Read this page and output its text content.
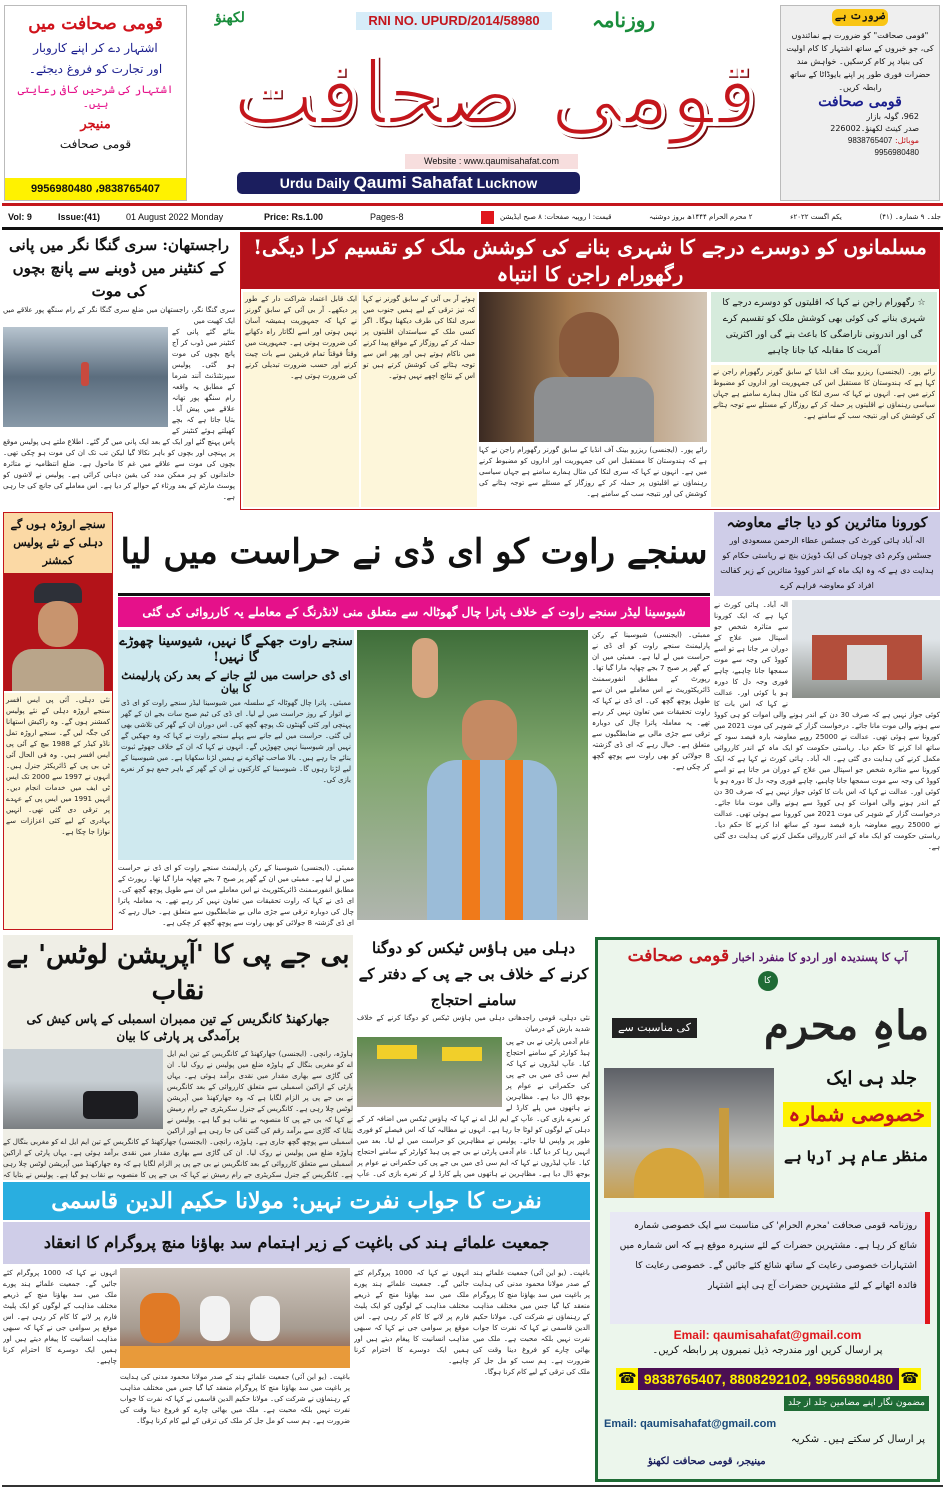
قومی صحافت میں
اشتہار دے کر اپنے کاروبار
اور تجارت کو فروغ دیجئے۔
اشتہار کی شرحیں کافی رعایتی ہیں۔
منیجر
قومی صحافت
9956980480 ،9838765407
RNI NO. UPURD/2014/58980
لکھنؤ	روزنامہ
قومی صحافت
Website : www.qaumisahafat.com
Urdu Daily Qaumi Sahafat Lucknow
ضرورت ہے
"قومی صحافت" کو ضرورت ہے نمائندوں کی، جو خبروں کے ساتھ اشتہار کا کام اولیت کی بنیاد پر کام کرسکیں۔ خواہش مند حضرات فوری طور پر اپنے بایوڈاٹا کے ساتھ رابطہ کریں۔
قومی صحافت
962، گولہ بازار
صدر کینٹ لکھنؤ۔226002
موبائل: 9838765407
9956980480
Vol: 9	Issue:(41)	01 August 2022 Monday	Price: Rs.1.00	Pages-8	جلد۔ ۹ شمارہ۔ (۴۱)
یکم اگست ۲۰۲۲ء
۲ محرم الحرام ۱۴۴۴ھ بروز دوشنبہ
قیمت: ا روپیہ صفحات: ۸ صبح ایڈیشن
راجستھان: سری گنگا نگر میں پانی کے کنٹینر میں ڈوبنے سے پانچ بچوں کی موت
سری گنگا نگر، راجستھان میں ضلع سری گنگا نگر کے رام سنگھ پور علاقے میں ایک کھیت میں
بنائے گئے پانی کے کنٹینر میں ڈوب کر آج پانچ بچوں کی موت ہو گئی۔ پولیس سپرنٹنڈنٹ آنند شرما کے مطابق یہ واقعہ رام سنگھ پور تھانہ علاقے میں پیش آیا۔ بتایا جاتا ہے کہ بچے کھیلتے ہوئے کنٹینر کے پاس پہنچ گئے اور ایک کے بعد ایک پانی میں گر گئے۔ اطلاع ملتے ہی پولیس موقع پر پہنچی اور بچوں کو باہر نکالا گیا لیکن تب تک ان کی موت ہو چکی تھی۔ بچوں کی موت سے علاقے میں غم کا ماحول ہے۔ ضلع انتظامیہ نے متاثرہ خاندانوں کو ہر ممکن مدد کی یقین دہانی کرائی ہے۔ پولیس نے لاشوں کو پوسٹ مارٹم کے بعد ورثاء کے حوالے کر دیا ہے۔ اس معاملے کی جانچ کی جا رہی ہے۔
مسلمانوں کو دوسرے درجے کا شہری بنانے کی کوشش ملک کو تقسیم کرا دیگی! رگھورام راجن کا انتباہ
ایک قابل اعتماد شراکت دار کے طور پر دیکھے۔ آر بی آئی کے سابق گورنر نے کہا کہ جمہوریت ہمیشہ آسان نہیں ہوتی اور اسے لگاتار راہ دکھانے کی ضرورت ہوتی ہے۔ جمہوریت میں وقتاً فوقتاً تمام فریقین سے بات چیت کرنے اور حسب ضرورت تبدیلی کرنے کی ضرورت ہوتی ہے۔
ہوئے آر بی آئی کے سابق گورنر نے کہا کہ تیز ترقی کے لیے ہمیں جنوب میں سری لنکا کی طرف دیکھنا ہوگا۔ اگر کسی ملک کے سیاستدان اقلیتوں پر حملہ کر کے روزگار کے مواقع پیدا کرنے میں ناکام ہوتے ہیں اور پھر اس سے توجہ ہٹانے کی کوشش کرتے ہیں تو اس کے نتائج اچھے نہیں ہوتے۔
رائے پور۔ (ایجنسی) ریزرو بینک آف انڈیا کے سابق گورنر رگھورام راجن نے کہا ہے کہ ہندوستان کا مستقبل اس کی جمہوریت اور اداروں کو مضبوط کرنے میں ہے۔ انہوں نے کہا کہ سری لنکا کی مثال ہمارے سامنے ہے جہاں سیاسی رہنماؤں نے اقلیتوں پر حملہ کر کے روزگار کے مسئلے سے توجہ ہٹانے کی کوشش کی اور نتیجہ سب کے سامنے ہے۔
☆ رگھورام راجن نے کہا کہ اقلیتوں کو دوسرے درجے کا شہری بنانے کی کوئی بھی کوشش ملک کو تقسیم کرے گی اور اندرونی ناراضگی کا باعث بنے گی اور اکثریتی آمریت کا مقابلہ کیا جانا چاہیے
رائے پور۔ (ایجنسی) ریزرو بینک آف انڈیا کے سابق گورنر رگھورام راجن نے کہا ہے کہ ہندوستان کا مستقبل اس کی جمہوریت اور اداروں کو مضبوط کرنے میں ہے۔ انہوں نے کہا کہ سری لنکا کی مثال ہمارے سامنے ہے جہاں سیاسی رہنماؤں نے اقلیتوں پر حملہ کر کے روزگار کے مسئلے سے توجہ ہٹانے کی کوشش کی اور نتیجہ سب کے سامنے ہے۔
سنجے اروڑہ ہوں گے دہلی کے نئے پولیس کمشنر
نئی دہلی۔ آئی پی ایس افسر سنجے اروڑہ دہلی کے نئے پولیس کمشنر ہوں گے۔ وہ راکیش استھانا کی جگہ لیں گے۔ سنجے اروڑہ تمل ناڈو کیڈر کے 1988 بیچ کے آئی پی ایس افسر ہیں۔ وہ فی الحال آئی ٹی بی پی کے ڈائریکٹر جنرل ہیں۔ انہوں نے 1997 سے 2000 تک ایس ٹی ایف میں خدمات انجام دیں۔ انہیں 1991 میں ایس پی کے عہدے پر ترقی دی گئی تھی۔ انہیں بہادری کے لیے کئی اعزازات سے نوازا جا چکا ہے۔
سنجے راوت کو ای ڈی نے حراست میں لیا
شیوسینا لیڈر سنجے راوت کے خلاف پاترا چال گھوٹالہ سے متعلق منی لانڈرنگ کے معاملے یہ کارروائی کی گئی
سنجے راوت جھکے گا نہیں، شیوسینا چھوڑے گا نہیں!
ای ڈی حراست میں لئے جانے کے بعد رکن پارلیمنٹ کا بیان
ممبئی۔ پاترا چال گھوٹالہ کے سلسلہ میں شیوسینا لیڈر سنجے راوت کو ای ڈی نے اتوار کے روز حراست میں لے لیا۔ ای ڈی کی ٹیم صبح سات بجے ان کے گھر پہنچی اور کئی گھنٹوں تک پوچھ گچھ کی۔ اس دوران ان کے گھر کی تلاشی بھی لی گئی۔ حراست میں لیے جانے سے پہلے سنجے راوت نے کہا کہ وہ جھکیں گے نہیں اور شیوسینا نہیں چھوڑیں گے۔ انہوں نے کہا کہ ان کے خلاف جھوٹے ثبوت بنائے جا رہے ہیں۔ بالا صاحب ٹھاکرے نے ہمیں لڑنا سکھایا ہے۔ میں شیوسینا کے لیے لڑتا رہوں گا۔ شیوسینا کے کارکنوں نے ان کے گھر کے باہر جمع ہو کر نعرے بازی کی۔
ممبئی۔ (ایجنسی) شیوسینا کے رکن پارلیمنٹ سنجے راوت کو ای ڈی نے حراست میں لے لیا ہے۔ ممبئی میں ان کے گھر پر صبح 7 بجے چھاپہ مارا گیا تھا۔ رپورٹ کے مطابق انفورسمنٹ ڈائریکٹوریٹ نے اس معاملے میں ان سے طویل پوچھ گچھ کی۔ ای ڈی نے کہا کہ راوت تحقیقات میں تعاون نہیں کر رہے تھے۔ یہ معاملہ پاترا چال کی دوبارہ ترقی سے جڑی مالی بے ضابطگیوں سے متعلق ہے۔ خیال رہے کہ ای ڈی گزشتہ 8 جولائی کو بھی راوت سے پوچھ گچھ کر چکی ہے۔
ممبئی۔ (ایجنسی) شیوسینا کے رکن پارلیمنٹ سنجے راوت کو ای ڈی نے حراست میں لے لیا ہے۔ ممبئی میں ان کے گھر پر صبح 7 بجے چھاپہ مارا گیا تھا۔ رپورٹ کے مطابق انفورسمنٹ ڈائریکٹوریٹ نے اس معاملے میں ان سے طویل پوچھ گچھ کی۔ ای ڈی نے کہا کہ راوت تحقیقات میں تعاون نہیں کر رہے تھے۔ یہ معاملہ پاترا چال کی دوبارہ ترقی سے جڑی مالی بے ضابطگیوں سے متعلق ہے۔ خیال رہے کہ ای ڈی گزشتہ 8 جولائی کو بھی راوت سے پوچھ گچھ کر چکی ہے۔
کورونا متاثرین کو دیا جائے معاوضہ
الہ آباد ہائی کورٹ کی جسٹس عطاء الرحمن مسعودی اور جسٹس وکرم ڈی چوہان کی ایک ڈویژن بنچ نے ریاستی حکام کو ہدایت دی ہے کہ وہ ایک ماہ کے اندر کووڈ متاثرین کے زیر کفالت افراد کو معاوضہ فراہم کرے
الہ آباد۔ ہائی کورٹ نے کہا ہے کہ ایک کورونا سے متاثرہ شخص جو اسپتال میں علاج کے دوران مر جاتا ہے تو اسے کووڈ کی وجہ سے موت سمجھا جانا چاہیے، چاہے فوری وجہ دل کا دورہ ہو یا کوئی اور۔ عدالت نے کہا کہ اس بات کا کوئی جواز نہیں ہے کہ صرف 30 دن کے اندر ہونے والی اموات کو ہی کووڈ سے ہونے والی موت مانا جائے۔ درخواست گزار کے شوہر کی موت 2021 میں کورونا سے ہوئی تھی۔ عدالت نے 25000 روپے معاوضہ بارہ فیصد سود کے ساتھ ادا کرنے کا حکم دیا۔ ریاستی حکومت کو ایک ماہ کے اندر کارروائی مکمل کرنے کی ہدایت دی گئی ہے۔ الہ آباد۔ ہائی کورٹ نے کہا ہے کہ ایک کورونا سے متاثرہ شخص جو اسپتال میں علاج کے دوران مر جاتا ہے تو اسے کووڈ کی وجہ سے موت سمجھا جانا چاہیے، چاہے فوری وجہ دل کا دورہ ہو یا کوئی اور۔ عدالت نے کہا کہ اس بات کا کوئی جواز نہیں ہے کہ صرف 30 دن کے اندر ہونے والی اموات کو ہی کووڈ سے ہونے والی موت مانا جائے۔ درخواست گزار کے شوہر کی موت 2021 میں کورونا سے ہوئی تھی۔ عدالت نے 25000 روپے معاوضہ بارہ فیصد سود کے ساتھ ادا کرنے کا حکم دیا۔ ریاستی حکومت کو ایک ماہ کے اندر کارروائی مکمل کرنے کی ہدایت دی گئی ہے۔
بی جے پی کا 'آپریشن لوٹس' بے نقاب
جھارکھنڈ کانگریس کے تین ممبران اسمبلی کے پاس کیش کی برآمدگی پر پارٹی کا بیان
ہاوڑہ، رانچی۔ (ایجنسی) جھارکھنڈ کے کانگریس کے تین ایم ایل اے کو مغربی بنگال کے ہاوڑہ ضلع میں پولیس نے روک لیا۔ ان کی گاڑی سے بھاری مقدار میں نقدی برآمد ہوئی ہے۔ یہاں پارٹی کے اراکین اسمبلی سے متعلق کارروائی کے بعد کانگریس نے بی جے پی پر الزام لگایا ہے کہ وہ جھارکھنڈ میں آپریشن لوٹس چلا رہی ہے۔ کانگریس کے جنرل سکریٹری جے رام رمیش نے کہا کہ بی جے پی کا منصوبہ بے نقاب ہو گیا ہے۔ پولیس نے بتایا کہ گاڑی سے برآمد رقم کی گنتی کی جا رہی ہے اور اراکین اسمبلی سے پوچھ گچھ جاری ہے۔ ہاوڑہ، رانچی۔ (ایجنسی) جھارکھنڈ کے کانگریس کے تین ایم ایل اے کو مغربی بنگال کے ہاوڑہ ضلع میں پولیس نے روک لیا۔ ان کی گاڑی سے بھاری مقدار میں نقدی برآمد ہوئی ہے۔ یہاں پارٹی کے اراکین اسمبلی سے متعلق کارروائی کے بعد کانگریس نے بی جے پی پر الزام لگایا ہے کہ وہ جھارکھنڈ میں آپریشن لوٹس چلا رہی ہے۔ کانگریس کے جنرل سکریٹری جے رام رمیش نے کہا کہ بی جے پی کا منصوبہ بے نقاب ہو گیا ہے۔ پولیس نے بتایا کہ
دہلی میں ہاؤس ٹیکس کو دوگنا کرنے کے خلاف بی جے پی کے دفتر کے سامنے احتجاج
نئی دہلی، قومی راجدھانی دہلی میں ہاؤس ٹیکس کو دوگنا کرنے کے خلاف شدید بارش کے درمیان
عام آدمی پارٹی نے بی جے پی ہیڈ کوارٹر کے سامنے احتجاج کیا۔ عآپ لیڈروں نے کہا کہ ایم سی ڈی میں بی جے پی کی حکمرانی نے عوام پر بوجھ ڈال دیا ہے۔ مظاہرین نے ہاتھوں میں پلے کارڈ لے کر نعرے بازی کی۔ عآپ کے ایم ایل اے نے کہا کہ ہاؤس ٹیکس میں اضافہ کر کے دہلی کے لوگوں کو لوٹا جا رہا ہے۔ انہوں نے مطالبہ کیا کہ اس فیصلے کو فوری طور پر واپس لیا جائے۔ پولیس نے مظاہرین کو حراست میں لے لیا۔ بعد میں انہیں رہا کر دیا گیا۔ عام آدمی پارٹی نے بی جے پی ہیڈ کوارٹر کے سامنے احتجاج کیا۔ عآپ لیڈروں نے کہا کہ ایم سی ڈی میں بی جے پی کی حکمرانی نے عوام پر بوجھ ڈال دیا ہے۔ مظاہرین نے ہاتھوں میں پلے کارڈ لے کر نعرے بازی کی۔ عآپ
آپ کا پسندیدہ اور اردو کا منفرد اخبار قومی صحافت
کا
ماہِ محرم
کی مناسبت سے
جلد ہی ایک
خصوصی شمارہ
منظر عام پر آرہا ہے
روزنامہ قومی صحافت 'محرم الحرام' کی مناسبت سے ایک خصوصی شمارہ شائع کر رہا ہے۔ مشتہرین حضرات کے لئے سنہرہ موقع ہے کہ اس شمارہ میں اشتہارات خصوصی رعایت کے ساتھ شائع کئے جائیں گے۔ خصوصی رعایت کا فائدہ اٹھانے کے لئے مشتہرین حضرات آج ہی اپنے اشتہار
Email: qaumisahafat@gmail.com
پر ارسال کریں اور مندرجہ ذیل نمبروں پر رابطہ کریں۔
☎ 9838765407, 8808292102, 9956980480 ☎
مضمون نگار اپنے مضامین جلد از جلد
Email: qaumisahafat@gmail.com
پر ارسال کر سکتے ہیں۔ شکریہ
مینیجر، قومی صحافت لکھنؤ
نفرت کا جواب نفرت نہیں: مولانا حکیم الدین قاسمی
جمعیت علمائے ہند کی باغپت کے زیر اہتمام سد بھاؤنا منچ پروگرام کا انعقاد
انہوں نے کہا کہ 1000 پروگرام کئے جائیں گے۔ جمعیت علمائے ہند پورے ملک میں سد بھاؤنا منچ کے ذریعے مختلف مذاہب کے لوگوں کو ایک پلیٹ فارم پر لانے کا کام کر رہی ہے۔ اس موقع پر سوامی جی نے کہا کہ سبھی مذاہب انسانیت کا پیغام دیتے ہیں اور ہمیں ایک دوسرے کا احترام کرنا چاہیے۔
باغپت۔ (یو این آئی) جمعیت علمائے ہند کے صدر مولانا محمود مدنی کی ہدایت پر باغپت میں سد بھاؤنا منچ کا پروگرام منعقد کیا گیا جس میں مختلف مذاہب کے رہنماؤں نے شرکت کی۔ مولانا حکیم الدین قاسمی نے کہا کہ نفرت کا جواب نفرت نہیں بلکہ محبت ہے۔ ملک میں بھائی چارے کو فروغ دینا وقت کی ضرورت ہے۔ ہم سب کو مل جل کر ملک کی ترقی کے لیے کام کرنا ہوگا۔
انہوں نے کہا کہ 1000 پروگرام کئے جائیں گے۔ جمعیت علمائے ہند پورے ملک میں سد بھاؤنا منچ کے ذریعے مختلف مذاہب کے لوگوں کو ایک پلیٹ فارم پر لانے کا کام کر رہی ہے۔ اس موقع پر سوامی جی نے کہا کہ سبھی مذاہب انسانیت کا پیغام دیتے ہیں اور ہمیں ایک دوسرے کا احترام کرنا چاہیے۔
باغپت۔ (یو این آئی) جمعیت علمائے ہند کے صدر مولانا محمود مدنی کی ہدایت پر باغپت میں سد بھاؤنا منچ کا پروگرام منعقد کیا گیا جس میں مختلف مذاہب کے رہنماؤں نے شرکت کی۔ مولانا حکیم الدین قاسمی نے کہا کہ نفرت کا جواب نفرت نہیں بلکہ محبت ہے۔ ملک میں بھائی چارے کو فروغ دینا وقت کی ضرورت ہے۔ ہم سب کو مل جل کر ملک کی ترقی کے لیے کام کرنا ہوگا۔
